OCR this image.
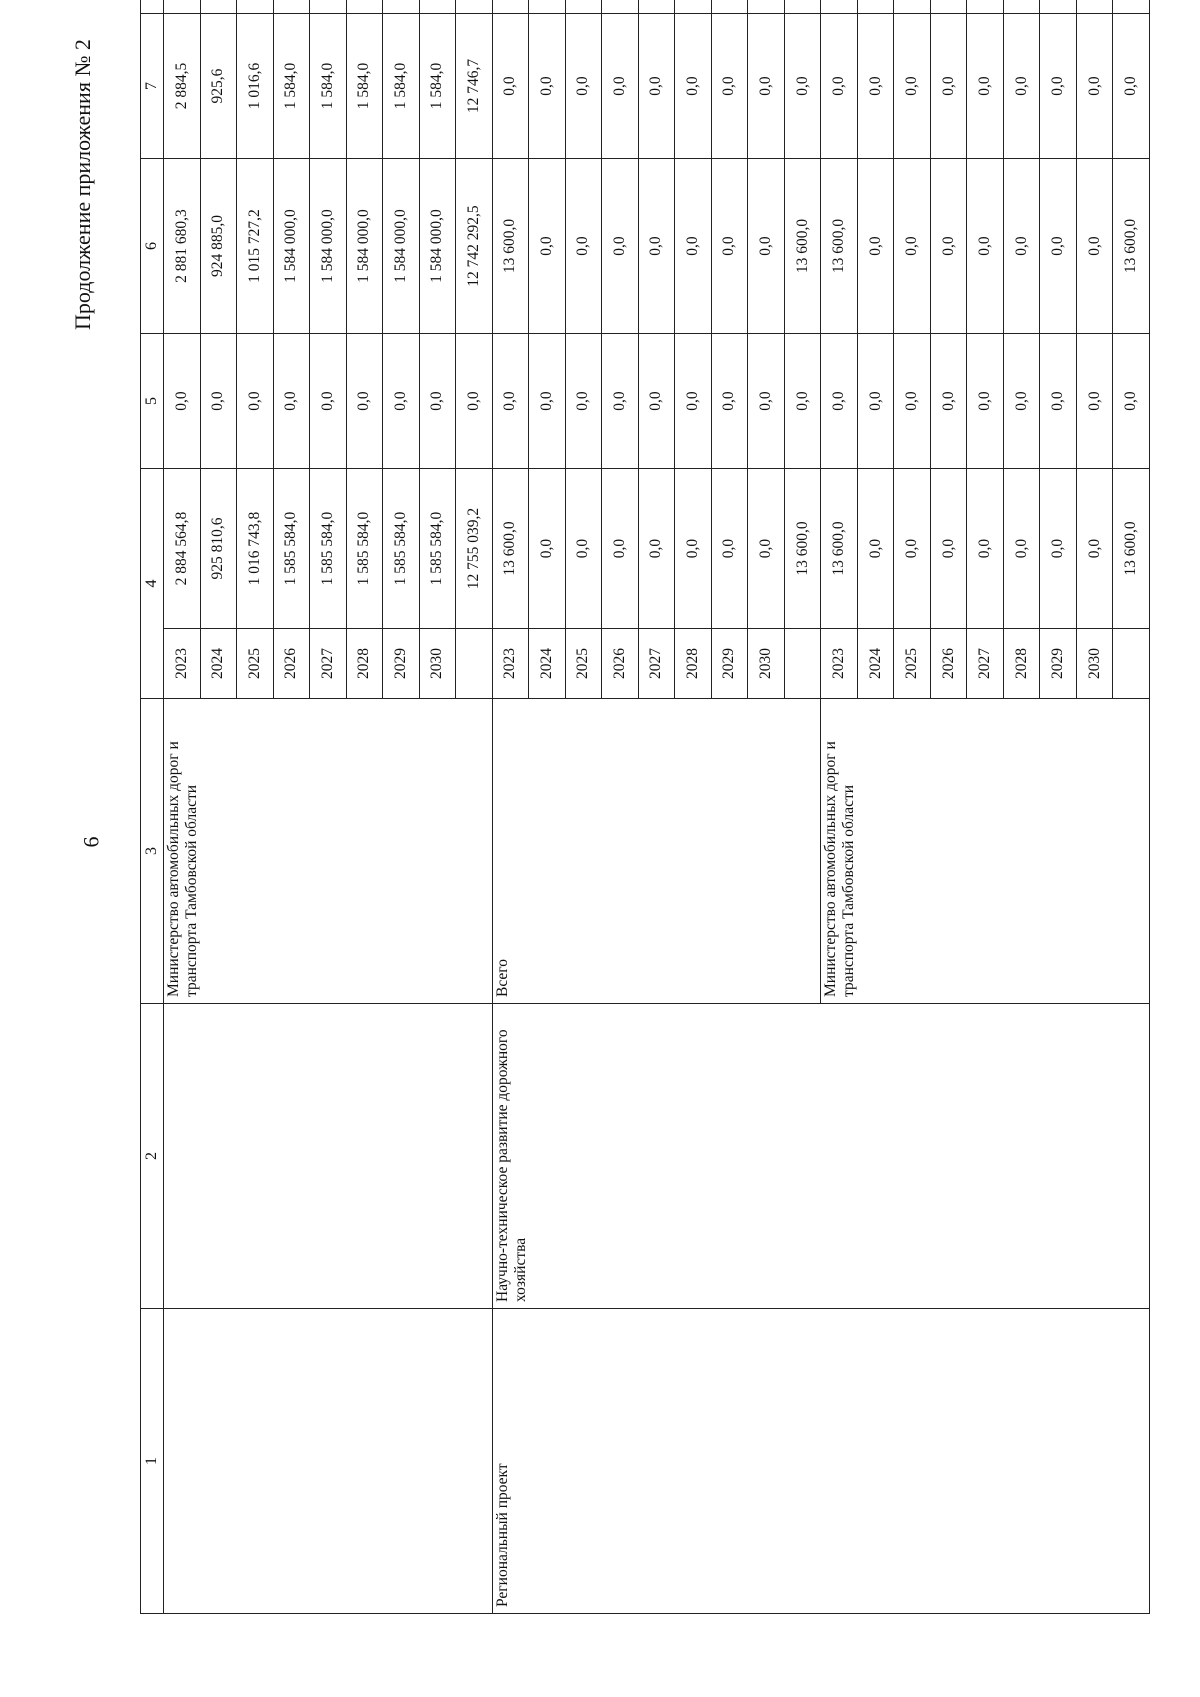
6
Продолжение приложения № 2
1	2	3	4		5	6	7	
		Министерство автомобильных дорог и транспорта Тамбовской области	2023	2 884 564,8	0,0	2 881 680,3	2 884,5	
			2024	925 810,6	0,0	924 885,0	925,6	
			2025	1 016 743,8	0,0	1 015 727,2	1 016,6	
			2026	1 585 584,0	0,0	1 584 000,0	1 584,0	
			2027	1 585 584,0	0,0	1 584 000,0	1 584,0	
			2028	1 585 584,0	0,0	1 584 000,0	1 584,0	
			2029	1 585 584,0	0,0	1 584 000,0	1 584,0	
			2030	1 585 584,0	0,0	1 584 000,0	1 584,0	
				12 755 039,2	0,0	12 742 292,5	12 746,7	
Региональный проект	Научно-техническое развитие дорожного хозяйства	Всего	2023	13 600,0	0,0	13 600,0	0,0	
			2024	0,0	0,0	0,0	0,0	
			2025	0,0	0,0	0,0	0,0	
			2026	0,0	0,0	0,0	0,0	
			2027	0,0	0,0	0,0	0,0	
			2028	0,0	0,0	0,0	0,0	
			2029	0,0	0,0	0,0	0,0	
			2030	0,0	0,0	0,0	0,0	
				13 600,0	0,0	13 600,0	0,0	
		Министерство автомобильных дорог и транспорта Тамбовской области	2023	13 600,0	0,0	13 600,0	0,0	
			2024	0,0	0,0	0,0	0,0	
			2025	0,0	0,0	0,0	0,0	
			2026	0,0	0,0	0,0	0,0	
			2027	0,0	0,0	0,0	0,0	
			2028	0,0	0,0	0,0	0,0	
			2029	0,0	0,0	0,0	0,0	
			2030	0,0	0,0	0,0	0,0	
				13 600,0	0,0	13 600,0	0,0	
